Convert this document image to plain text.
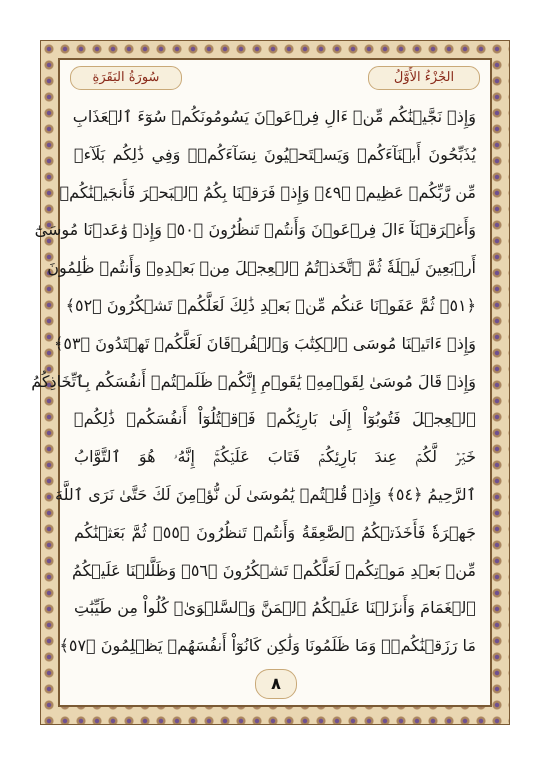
الجُزْءُ الأَوَّلُ
سُورَةُ البَقَرَةِ
وَإِذۡ نَجَّيۡنَٰكُم مِّنۡ ءَالِ فِرۡعَوۡنَ يَسُومُونَكُمۡ سُوٓءَ ٱلۡعَذَابِ
يُذَبِّحُونَ أَبۡنَآءَكُمۡ وَيَسۡتَحۡيُونَ نِسَآءَكُمۡۚ وَفِي ذَٰلِكُم بَلَآءٞ
مِّن رَّبِّكُمۡ عَظِيمٞ ﴿٤٩﴾ وَإِذۡ فَرَقۡنَا بِكُمُ ٱلۡبَحۡرَ فَأَنجَيۡنَٰكُمۡ
وَأَغۡرَقۡنَآ ءَالَ فِرۡعَوۡنَ وَأَنتُمۡ تَنظُرُونَ ﴿٥٠﴾ وَإِذۡ وَٰعَدۡنَا مُوسَىٰٓ
أَرۡبَعِينَ لَيۡلَةٗ ثُمَّ ٱتَّخَذۡتُمُ ٱلۡعِجۡلَ مِنۢ بَعۡدِهِۦ وَأَنتُمۡ ظَٰلِمُونَ
﴿٥١﴾ ثُمَّ عَفَوۡنَا عَنكُم مِّنۢ بَعۡدِ ذَٰلِكَ لَعَلَّكُمۡ تَشۡكُرُونَ ﴿٥٢﴾
وَإِذۡ ءَاتَيۡنَا مُوسَى ٱلۡكِتَٰبَ وَٱلۡفُرۡقَانَ لَعَلَّكُمۡ تَهۡتَدُونَ ﴿٥٣﴾
وَإِذۡ قَالَ مُوسَىٰ لِقَوۡمِهِۦ يَٰقَوۡمِ إِنَّكُمۡ ظَلَمۡتُمۡ أَنفُسَكُم بِٱتِّخَاذِكُمُ
ٱلۡعِجۡلَ فَتُوبُوٓاْ إِلَىٰ بَارِئِكُمۡ فَٱقۡتُلُوٓاْ أَنفُسَكُمۡ ذَٰلِكُمۡ
خَيۡرٞ لَّكُمۡ عِندَ بَارِئِكُمۡ فَتَابَ عَلَيۡكُمۡۚ إِنَّهُۥ هُوَ ٱلتَّوَّابُ
ٱلرَّحِيمُ ﴿٥٤﴾ وَإِذۡ قُلۡتُمۡ يَٰمُوسَىٰ لَن نُّؤۡمِنَ لَكَ حَتَّىٰ نَرَى ٱللَّهَ
جَهۡرَةٗ فَأَخَذَتۡكُمُ ٱلصَّٰعِقَةُ وَأَنتُمۡ تَنظُرُونَ ﴿٥٥﴾ ثُمَّ بَعَثۡنَٰكُم
مِّنۢ بَعۡدِ مَوۡتِكُمۡ لَعَلَّكُمۡ تَشۡكُرُونَ ﴿٥٦﴾ وَظَلَّلۡنَا عَلَيۡكُمُ
ٱلۡغَمَامَ وَأَنزَلۡنَا عَلَيۡكُمُ ٱلۡمَنَّ وَٱلسَّلۡوَىٰۖ كُلُواْ مِن طَيِّبَٰتِ
مَا رَزَقۡنَٰكُمۡۚ وَمَا ظَلَمُونَا وَلَٰكِن كَانُوٓاْ أَنفُسَهُمۡ يَظۡلِمُونَ ﴿٥٧﴾
٨
